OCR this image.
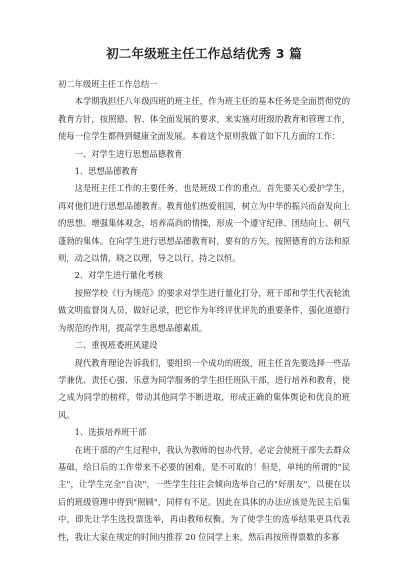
初二年级班主任工作总结优秀 3 篇

初二年级班主任工作总结一

本学期我担任八年级四班的班主任，作为班主任的基本任务是全面贯彻党的教育方针，按照德、智、体全面发展的要求，来实施对班级的教育和管理工作，使每一位学生都得到健康全面发展。本着这个原则我做了如下几方面的工作：

一、对学生进行思想品德教育

1、思想品德教育

这是班主任工作的主要任务，也是班级工作的重点。首先要关心爱护学生，再对他们进行思想品德教育。教育他们热爱祖国，树立为中华的振兴而奋发向上的思想。增强集体观念，培养高尚的情操，形成一个遵守纪律、团结向上、朝气蓬勃的集体。在向学生进行思想品德教育时，要有的方矢，按照德育的方法和原则，动之以情，晓之以理，导之以行，持之以恒。

2、对学生进行量化考核

按照学校《行为规范》的要求对学生进行量化打分，班干部和学生代表轮流做文明监督岗人员，做好记录，把它作为年终评优评先的重要条件，强化道德行为规范的作用，提高学生思想品德素质。

二、重视班委班风建设

现代教育理论告诉我们，要组织一个成功的班级，班主任首先要选择一些品学兼优、责任心强、乐意为同学服务的学生担任班队干部，进行培养和教育，使之成为同学的榜样，带动其他同学不断进取，形成正确的集体舆论和优良的班风。

1、选拔培养班干部

在班干部的产生过程中，我认为教师的包办代替，必定会使班干部失去群众基础，给日后的工作带来不必要的困难，是不可取的！但是，单纯的所谓的"民主"，让学生完全"自决"，一些学生往往会倾向选举自己的"好朋友"，以便在以后的班级管理中得到"照顾"，同样有不足。因此在具体的办法应该是先民主后集中，即先让学生选投票选举，再由教师权衡。为了使学生的选举结果更具代表性，我让大家在规定的时间内推荐 20 位同学上来，然后再按所得票数的多寡
